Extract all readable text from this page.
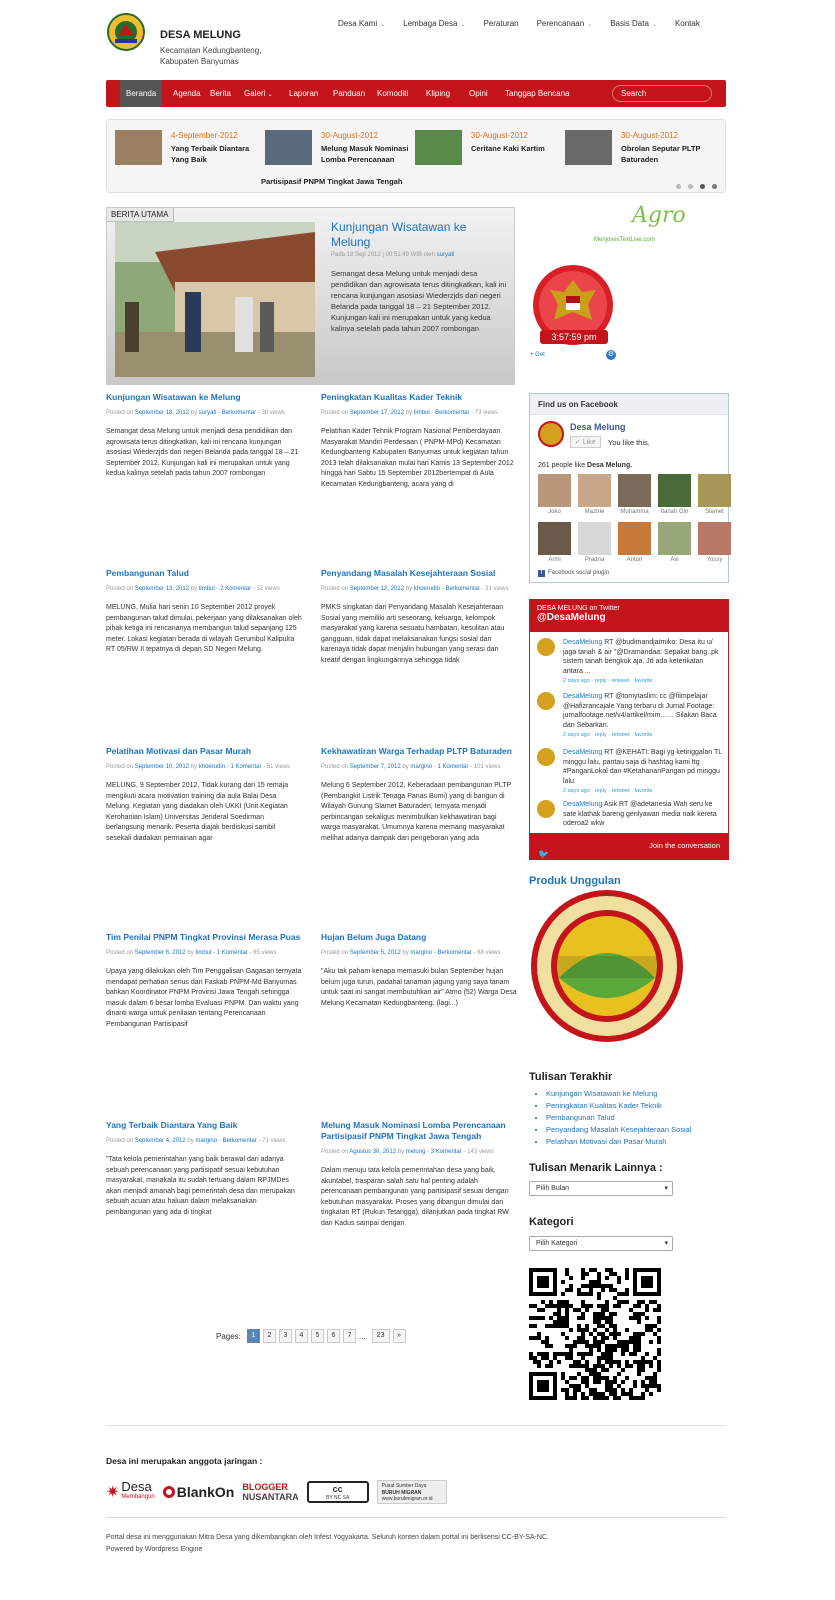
DESA MELUNG
Kecamatan Kedungbanteng, Kabupaten Banyumas
Desa Kami ⌄ Lembaga Desa ⌄ Peraturan Perencanaan ⌄ Basis Data ⌄ Kontak
Beranda	Agenda	Berita	Galeri ⌄	Laporan	Panduan	Komoditi	Kliping	Opini	Tanggap Bencana	Search
4-September-2012
Yang Terbaik Diantara Yang Baik
30-August-2012
Melung Masuk Nominasi Lomba Perencanaan
30-August-2012
Ceritane Kaki Kartim
30-August-2012
Obrolan Seputar PLTP Baturaden
Partisipasif PNPM Tingkat Jawa Tengah
BERITA UTAMA
Kunjungan Wisatawan ke Melung
Pada 18 Sep 2012 | 00:51:49 WIB oleh suryati
Semangat desa Melung untuk menjadi desa pendidikan dan agrowisata terus ditingkatkan, kali ini rencana kunjungan asosiasi Wiederzjds dari negeri Belanda pada tanggal 18 – 21 September 2012. Kunjungan kali ini merupakan untuk yang kedua kalinya setelah pada tahun 2007 rombongan
Kunjungan Wisatawan ke Melung
Posted on September 18, 2012 by suryati - Berkomentar - 38 views
Semangat desa Melung untuk menjadi desa pendidikan dan agrowisata terus ditingkatkan, kali ini rencana kunjungan asosiasi Wiederzjds dari negeri Belanda pada tanggal 18 – 21 September 2012. Kunjungan kali ini merupakan untuk yang kedua kalinya setelah pada tahun 2007 rombongan
Peningkatan Kualitas Kader Teknik
Posted on September 17, 2012 by timbul - Berkomentar - 73 views
Pelatihan Kader Tehnik Program Nasional Pemberdayaan Masyarakat Mandiri Perdesaan ( PNPM-MPd) Kecamatan Kedungbanteng Kabupaten Banyumas untuk kegiatan tahun 2013 telah dilaksanakan mulai hari Kamis 13 September 2012 hingga hari Sabtu 15 September 2012bertempat di Aula Kecamatan Kedungbanteng, acara yang di
Pembangunan Talud
Posted on September 13, 2012 by timbul - 2 Komentar - 32 views
MELUNG, Mulia hari senin 10 September 2012 proyek pembangunan talud dimulai, pekerjaan yang dilaksanakan oleh pihak ketiga ini rencananya membangun talud sepanjang 125 meter. Lokasi kegiatan berada di wilayah Gerumbul Kalipulra RT 05/RW II tepatnya di depan SD Negeri Melung.
Penyandang Masalah Kesejahteraan Sosial
Posted on September 12, 2012 by khoerudin - Berkomentar - 31 views
PMKS singkatan dari Penyandang Masalah Kesejahteraan Sosial yang memiliki arti seseorang, keluarga, kelompok masyarakat yang karena sesuatu hambatan, kesulitan atau gangguan, tidak dapat melaksanakan fungsi sosial dan karenaya tidak dapat menjalin hubungan yang serasi dan kreatif dengan lingkungannya sehingga tidak
Pelatihan Motivasi dan Pasar Murah
Posted on September 10, 2012 by khoerudin - 1 Komentar - 51 views
MELUNG, 9 September 2012, Tidak kurang dari 15 remaja mengikuti acara motivation training dia aula Balai Desa Melung. Kegiatan yang diadakan oleh UKKI (Unit Kegiatan Kerohanian Islam) Universitas Jenderal Soedirman berlangsung menarik. Peserta diajak berdiskusi sambil sesekali diadakan permainan agar
Kekhawatiran Warga Terhadap PLTP Baturaden
Posted on September 7, 2012 by margino - 1 Komentar - 101 views
Melung 6 September 2012, Keberadaan pembangunan PLTP (Pembangkit Listrik Tenaga Panas Bumi) yang di bangun di Wilayah Gunung Slamet Baturaden, ternyata menjadi perbincangan sekaligus menimbulkan kekhawatiran bagi warga masyarakat. Umumnya karena memang masyarakat melihat adanya dampak dari pengeboran yang ada
Tim Penilai PNPM Tingkat Provinsi Merasa Puas
Posted on September 6, 2012 by timbul - 1 Komentar - 85 views
Upaya yang dilakukan oleh Tim Penggalisan Gagasan ternyata mendapat perhatian serius dari Faskab PNPM-Md Banyumas bahkan Koordinator PNPM Provinsi Jawa Tengah sehingga masuk dalam 6 besar lomba Evaluasi PNPM. Dan waktu yang dinanti warga untuk penilaian tentang Perencanaan Pembangunan Partisipasif
Hujan Belum Juga Datang
Posted on September 5, 2012 by margino - Berkomentar - 88 views
"Aku tak paham kenapa memasuki bulan September hujan belum juga turun, padahal tanaman jagung yang saya tanam untuk saat ini sangat membutuhkan air" Atmo (52) Warga Desa Melung Kecamatan Kedungbanteng. (lagi...)
Yang Terbaik Diantara Yang Baik
Posted on September 4, 2012 by margino - Berkomentar - 71 views
"Tata kelola pemerintahan yang baik berawal dari adanya sebuah perencanaan yang partisipatif sesuai kebutuhan masyarakat, manakala itu sudah tertuang dalam RPJMDes akan menjadi amanah bagi pemerintah desa dan merupakan sebuah acuan atau haluan dalam melaksanakan pembangunan yang ada di tingkat
Melung Masuk Nominasi Lomba Perencanaan Partisipasif PNPM Tingkat Jawa Tengah
Posted on Agustus 30, 2012 by melung - 3 Komentar - 143 views
Dalam menuju tata kelola pemerintahan desa yang baik, akuntabel, trasparan salah satu hal penting adalah perencanaan pembangunan yang partisipasif sesuai dengan kebutuhan masyarakat. Proses yang dibangun dimulai dari tingkatan RT (Rukun Tetangga), dilanjutkan pada tingkat RW dan Kadus sampai dengan
Pages:	1	2	3	4	5	6	7 ...	23	»
Agro
MenjovesTextLive.com
3:57:59 pm
+ Get	⚙
Find us on Facebook
Desa Melung
✓ Like	You like this.
261 people like Desa Melung.
Joko	Maztrie	Muhamma	Itanah Gin	Slamet
Armi	Pradna	Anton	Avi	Yossy
f Facebook social plugin
DESA MELUNG on Twitter
@DesaMelung
DesaMelung RT @budimandjatmiko: Desa itu u/ jaga tanah & air "@Dramandaa: Sepakat bang..pk sistem tanah bengkok aja. Jd ada keterikatan antara ...
2 days ago · reply · retweet · favorite
DesaMelung RT @tomytaslim: cc @filmpelajar @Hafizrancajale Yang terbaru di Jurnal Footage: jurnalfootage.net/v4/artikel/mim... ... Silakan Baca dan Sebarkan.
2 days ago · reply · retweet · favorite
DesaMelung RT @KEHATI: Bagi yg ketinggalan TL minggu lalu, pantau saja di hashtag kami ttg #PanganLokal dan #KetahananPangan pd minggu lalu.
2 days ago · reply · retweet · favorite
DesaMelung Asik RT @adetanesia Wah seru ke sate klathak bareng genlyawan media naik kereta oderoa2 wkw
🐦
Join the conversation
Produk Unggulan
Tulisan Terakhir
• Kunjungan Wisatawan ke Melung
• Peningkatan Kualitas Kader Teknik
• Pembangunan Talud
• Penyandang Masalah Kesejahteraan Sosial
• Pelatihan Motivasi dan Pasar Murah
Tulisan Menarik Lainnya :
Pilih Bulan	▾
Kategori
Pilih Kategori	▾
Desa ini merupakan anggota jaringan :
✷ Desa
Membangun BlankOn BLOGGER
NUSANTARA
cc
BY NC SA
Pusat Sumber Daya
BURUH MIGRAN
www.buruhmigran.or.id
Portal desa ini menggunakan Mitra Desa yang dikembangkan oleh Infest Yogyakarta. Seluruh konten dalam portal ini berlisensi CC-BY-SA-NC.
Powered by Wordpress Engine
